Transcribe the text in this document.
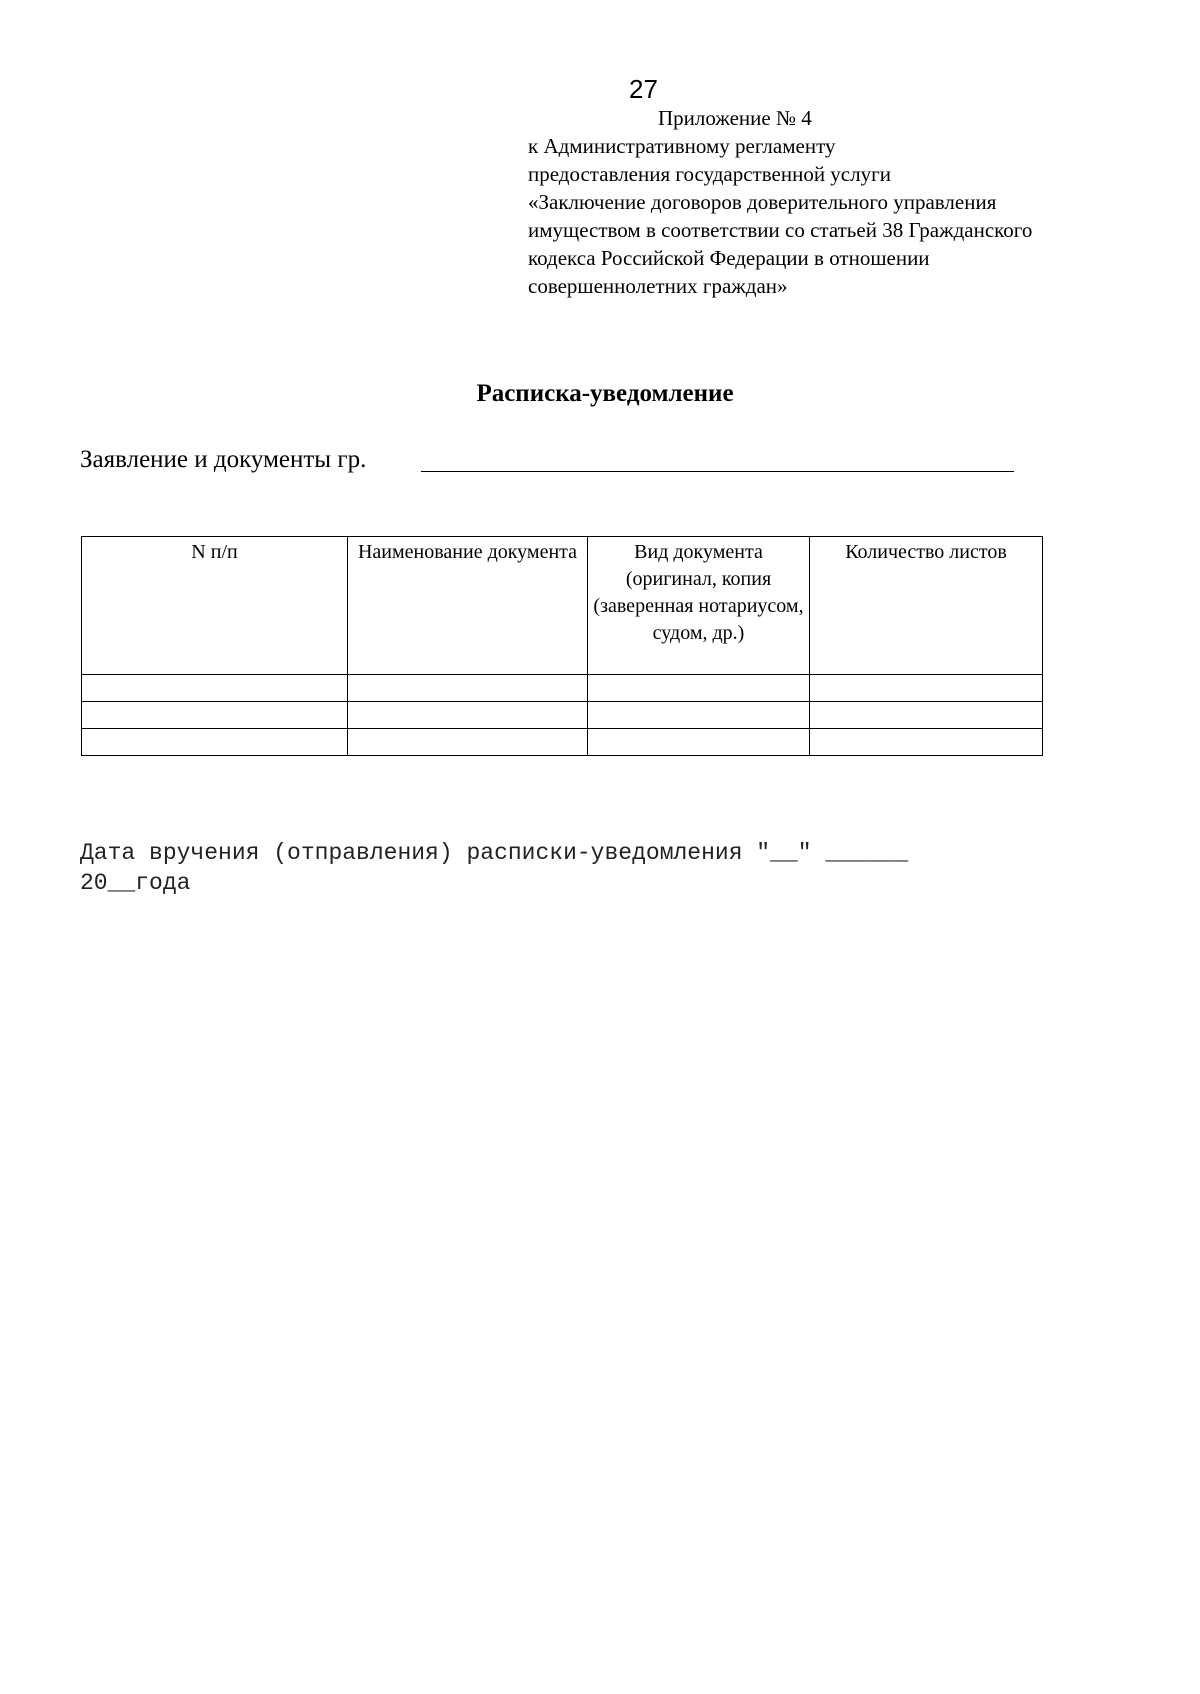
27
Приложение № 4
к Административному регламенту
предоставления государственной услуги
«Заключение договоров доверительного управления
имуществом в соответствии со статьей 38 Гражданского
кодекса Российской Федерации в отношении
совершеннолетних граждан»
Расписка-уведомление
Заявление и документы гр.
N п/п	Наименование документа	Вид документа (оригинал, копия (заверенная нотариусом, судом, др.)	Количество листов

Дата вручения (отправления) расписки-уведомления "__" ______
20__года
